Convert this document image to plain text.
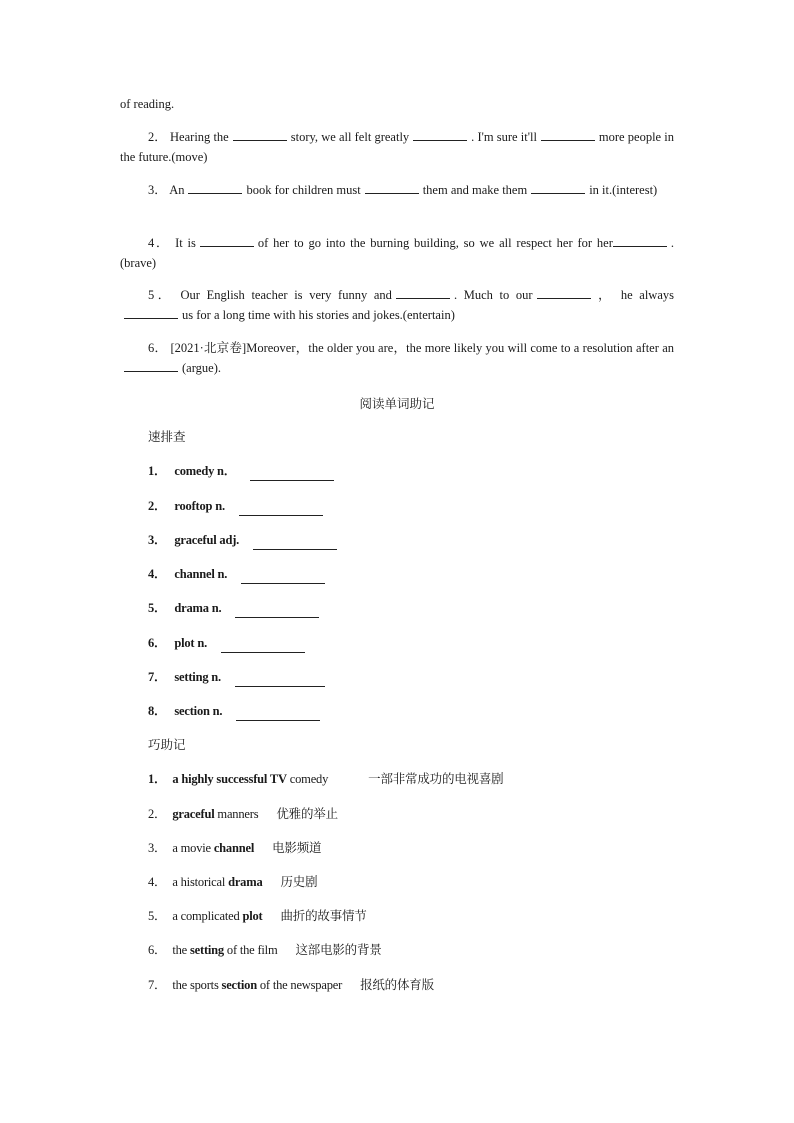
of reading.
2． Hearing the	story, we all felt greatly	. I'm sure it'll	more people in the future.(move)
3． An	book for children must	them and make them	in it.(interest)
4． It is	of her to go into the burning building, so we all respect her for her	.(brave)
5． Our English teacher is very funny and	. Much to our	， he alwaysus for a long time with his stories and jokes.(entertain)
6． [2021·北京卷]Moreover，the older you are，the more likely you will come to a resolution after an(argue).
阅读单词助记
速排查
1． comedy n．
2． rooftop n.
3． graceful adj.
4． channel n.
5． drama n.
6． plot n.
7． setting n.
8． section n.
巧助记
1． a highly successful TV comedy	一部非常成功的电视喜剧
2． graceful manners 优雅的举止
3． a movie channel 电影频道
4． a historical drama 历史剧
5． a complicated plot 曲折的故事情节
6． the setting of the film 这部电影的背景
7． the sports section of the newspaper 报纸的体育版
